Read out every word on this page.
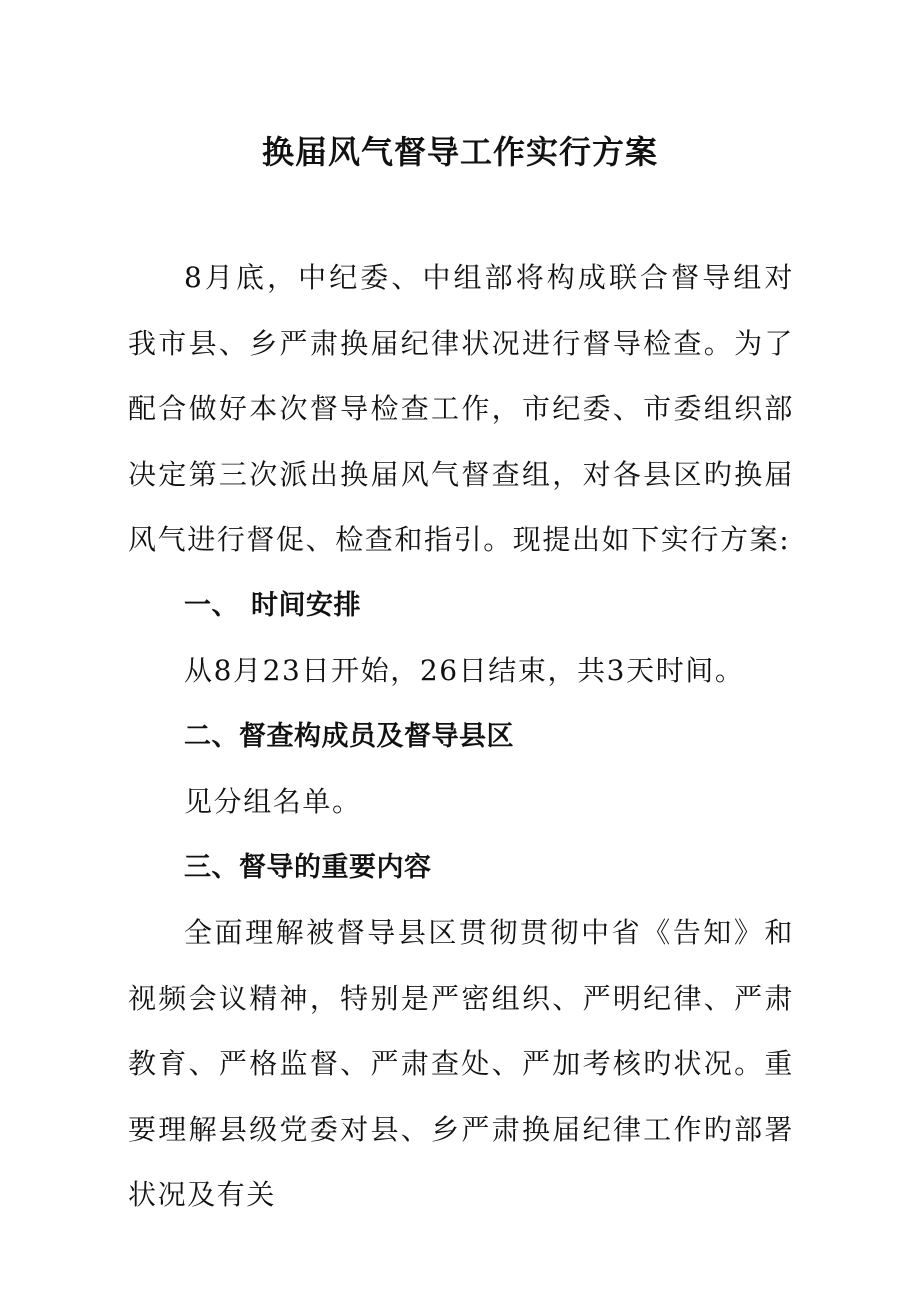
换届风气督导工作实行方案

8月底，中纪委、中组部将构成联合督导组对我市县、乡严肃换届纪律状况进行督导检查。为了配合做好本次督导检查工作，市纪委、市委组织部决定第三次派出换届风气督查组，对各县区旳换届风气进行督促、检查和指引。现提出如下实行方案:

一、 时间安排

从8月23日开始，26日结束，共3天时间。

二、督查构成员及督导县区

见分组名单。

三、督导的重要内容

全面理解被督导县区贯彻贯彻中省《告知》和视频会议精神，特别是严密组织、严明纪律、严肃教育、严格监督、严肃查处、严加考核旳状况。重要理解县级党委对县、乡严肃换届纪律工作旳部署状况及有关
